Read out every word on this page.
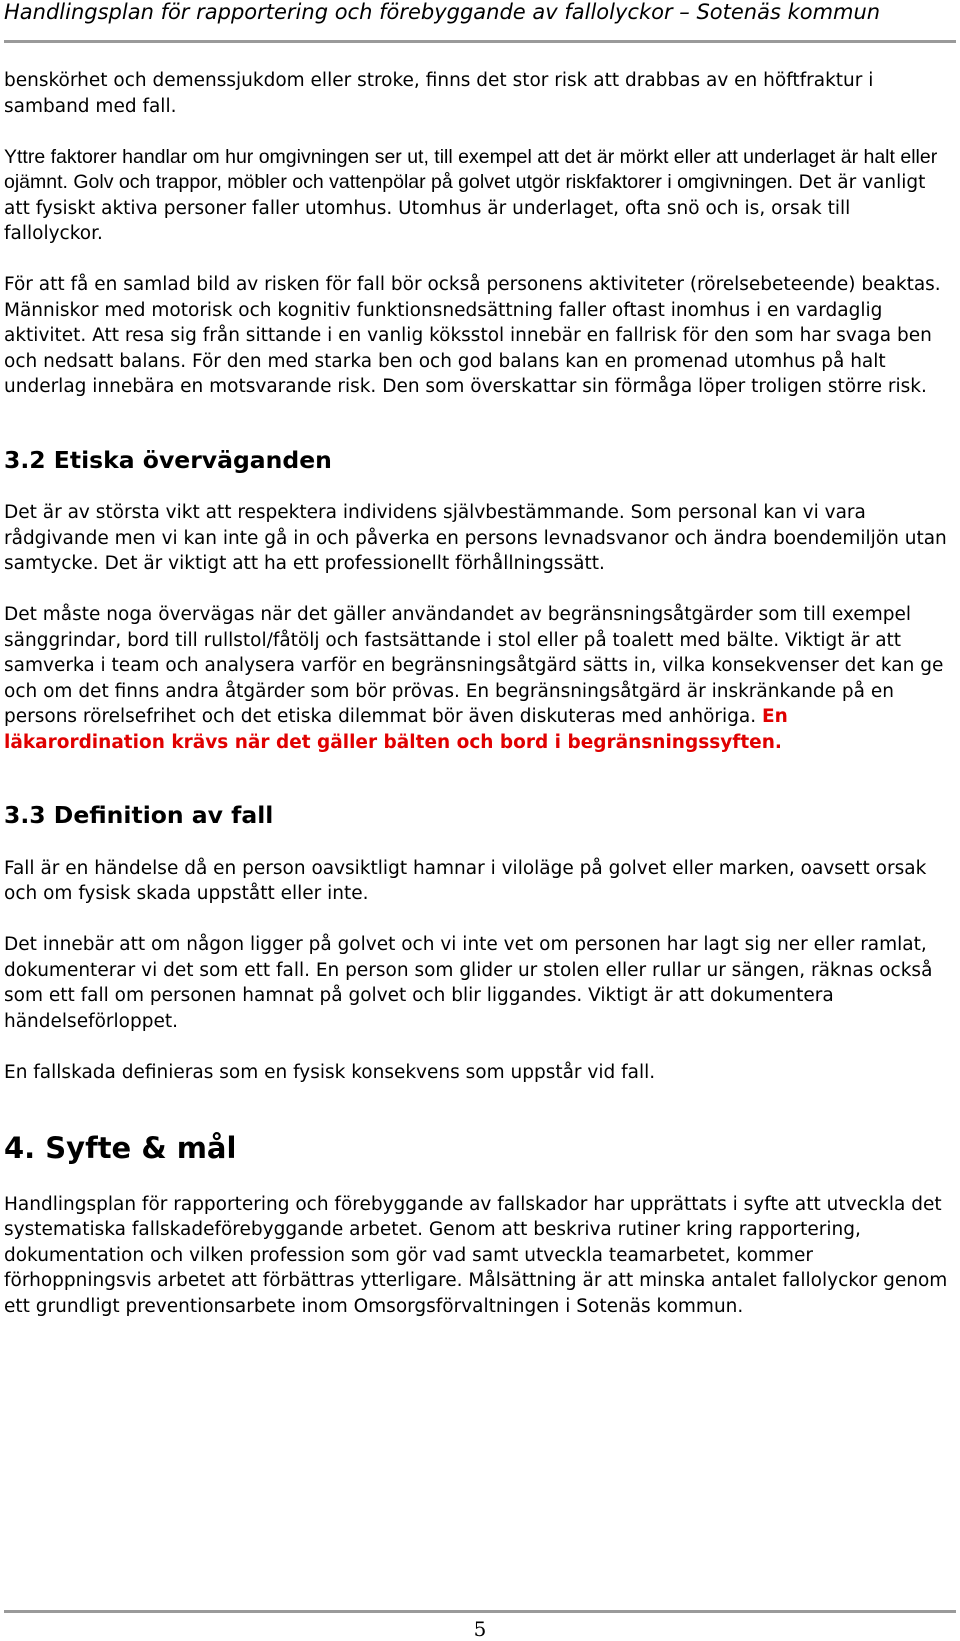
Handlingsplan för rapportering och förebyggande av fallolyckor – Sotenäs kommun

benskörhet och demenssjukdom eller stroke, finns det stor risk att drabbas av en höftfraktur i samband med fall.

Yttre faktorer handlar om hur omgivningen ser ut, till exempel att det är mörkt eller att underlaget är halt eller ojämnt. Golv och trappor, möbler och vattenpölar på golvet utgör riskfaktorer i omgivningen. Det är vanligt att fysiskt aktiva personer faller utomhus. Utomhus är underlaget, ofta snö och is, orsak till fallolyckor.

För att få en samlad bild av risken för fall bör också personens aktiviteter (rörelsebeteende) beaktas. Människor med motorisk och kognitiv funktionsnedsättning faller oftast inomhus i en vardaglig aktivitet. Att resa sig från sittande i en vanlig köksstol innebär en fallrisk för den som har svaga ben och nedsatt balans. För den med starka ben och god balans kan en promenad utomhus på halt underlag innebära en motsvarande risk. Den som överskattar sin förmåga löper troligen större risk.

3.2 Etiska överväganden

Det är av största vikt att respektera individens självbestämmande. Som personal kan vi vara rådgivande men vi kan inte gå in och påverka en persons levnadsvanor och ändra boendemiljön utan samtycke. Det är viktigt att ha ett professionellt förhållningssätt.

Det måste noga övervägas när det gäller användandet av begränsningsåtgärder som till exempel sänggrindar, bord till rullstol/fåtölj och fastsättande i stol eller på toalett med bälte. Viktigt är att samverka i team och analysera varför en begränsningsåtgärd sätts in, vilka konsekvenser det kan ge och om det finns andra åtgärder som bör prövas. En begränsningsåtgärd är inskränkande på en persons rörelsefrihet och det etiska dilemmat bör även diskuteras med anhöriga. En läkarordination krävs när det gäller bälten och bord i begränsningssyften.

3.3 Definition av fall

Fall är en händelse då en person oavsiktligt hamnar i viloläge på golvet eller marken, oavsett orsak och om fysisk skada uppstått eller inte.

Det innebär att om någon ligger på golvet och vi inte vet om personen har lagt sig ner eller ramlat, dokumenterar vi det som ett fall. En person som glider ur stolen eller rullar ur sängen, räknas också som ett fall om personen hamnat på golvet och blir liggandes. Viktigt är att dokumentera händelseförloppet.

En fallskada definieras som en fysisk konsekvens som uppstår vid fall.

4. Syfte & mål

Handlingsplan för rapportering och förebyggande av fallskador har upprättats i syfte att utveckla det systematiska fallskadeförebyggande arbetet. Genom att beskriva rutiner kring rapportering, dokumentation och vilken profession som gör vad samt utveckla teamarbetet, kommer förhoppningsvis arbetet att förbättras ytterligare. Målsättning är att minska antalet fallolyckor genom ett grundligt preventionsarbete inom Omsorgsförvaltningen i Sotenäs kommun.

5
